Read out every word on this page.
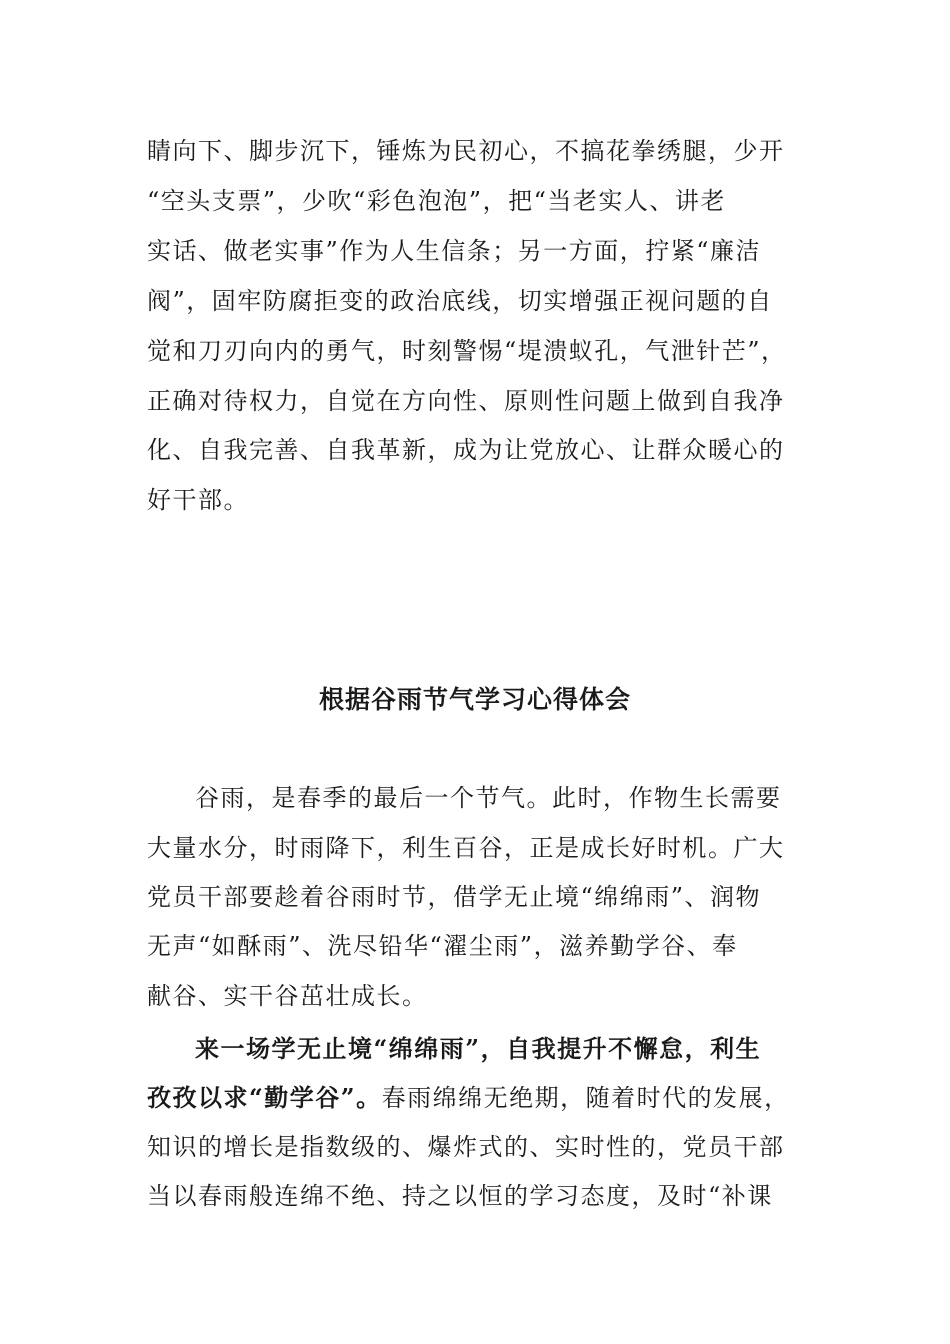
睛向下、脚步沉下，锤炼为民初心，不搞花拳绣腿，少开
“空头支票”，少吹“彩色泡泡”，把“当老实人、讲老
实话、做老实事”作为人生信条；另一方面，拧紧“廉洁
阀”，固牢防腐拒变的政治底线，切实增强正视问题的自
觉和刀刃向内的勇气，时刻警惕“堤溃蚁孔，气泄针芒”，
正确对待权力，自觉在方向性、原则性问题上做到自我净
化、自我完善、自我革新，成为让党放心、让群众暖心的
好干部。
根据谷雨节气学习心得体会
谷雨，是春季的最后一个节气。此时，作物生长需要
大量水分，时雨降下，利生百谷，正是成长好时机。广大
党员干部要趁着谷雨时节，借学无止境“绵绵雨”、润物
无声“如酥雨”、洗尽铅华“濯尘雨”，滋养勤学谷、奉
献谷、实干谷茁壮成长。
来一场学无止境“绵绵雨”，自我提升不懈怠，利生
孜孜以求“勤学谷”。春雨绵绵无绝期，随着时代的发展，
知识的增长是指数级的、爆炸式的、实时性的，党员干部
当以春雨般连绵不绝、持之以恒的学习态度，及时“补课
